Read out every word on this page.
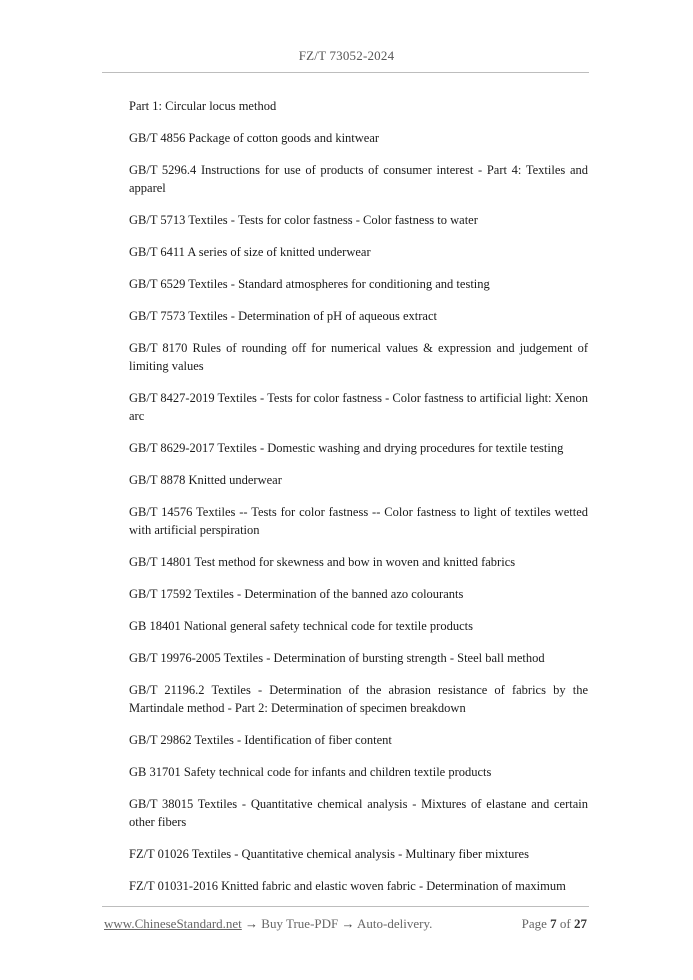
FZ/T 73052-2024

Part 1: Circular locus method

GB/T 4856 Package of cotton goods and kintwear

GB/T 5296.4 Instructions for use of products of consumer interest - Part 4: Textiles and apparel

GB/T 5713 Textiles - Tests for color fastness - Color fastness to water

GB/T 6411 A series of size of knitted underwear

GB/T 6529 Textiles - Standard atmospheres for conditioning and testing

GB/T 7573 Textiles - Determination of pH of aqueous extract

GB/T 8170 Rules of rounding off for numerical values & expression and judgement of limiting values

GB/T 8427-2019 Textiles - Tests for color fastness - Color fastness to artificial light: Xenon arc

GB/T 8629-2017 Textiles - Domestic washing and drying procedures for textile testing

GB/T 8878 Knitted underwear

GB/T 14576 Textiles -- Tests for color fastness -- Color fastness to light of textiles wetted with artificial perspiration

GB/T 14801 Test method for skewness and bow in woven and knitted fabrics

GB/T 17592 Textiles - Determination of the banned azo colourants

GB 18401 National general safety technical code for textile products

GB/T 19976-2005 Textiles - Determination of bursting strength - Steel ball method

GB/T 21196.2 Textiles - Determination of the abrasion resistance of fabrics by the Martindale method - Part 2: Determination of specimen breakdown

GB/T 29862 Textiles - Identification of fiber content

GB 31701 Safety technical code for infants and children textile products

GB/T 38015 Textiles - Quantitative chemical analysis - Mixtures of elastane and certain other fibers

FZ/T 01026 Textiles - Quantitative chemical analysis - Multinary fiber mixtures

FZ/T 01031-2016 Knitted fabric and elastic woven fabric - Determination of maximum

www.ChineseStandard.net → Buy True-PDF → Auto-delivery.	Page 7 of 27
